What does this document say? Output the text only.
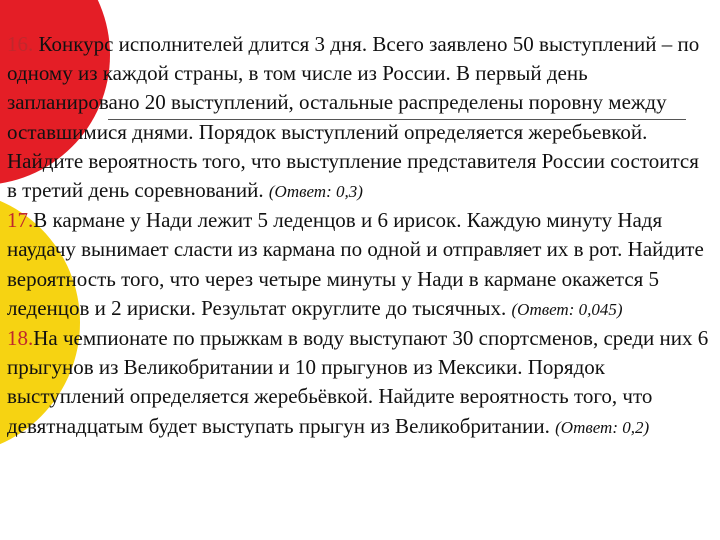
16. Конкурс исполнителей длится 3 дня. Всего заявлено 50 выступлений – по одному из каждой страны, в том числе из России. В первый день запланировано 20 выступлений, остальные распределены поровну между оставшимися днями. Порядок выступлений определяется жеребьевкой. Найдите вероятность того, что выступление представителя России состоится в третий день соревнований. (Ответ: 0,3)

17.В кармане у Нади лежит 5 леденцов и 6 ирисок. Каждую минуту Надя наудачу вынимает сласти из кармана по одной и отправляет их в рот. Найдите вероятность того, что через четыре минуты у Нади в кармане окажется 5 леденцов и 2 ириски. Результат округлите до тысячных. (Ответ: 0,045)

18.На чемпионате по прыжкам в воду выступают 30 спортсменов, среди них 6 прыгунов из Великобритании и 10 прыгунов из Мексики. Порядок выступлений определяется жеребьёвкой. Найдите вероятность того, что девятнадцатым будет выступать прыгун из Великобритании. (Ответ: 0,2)
